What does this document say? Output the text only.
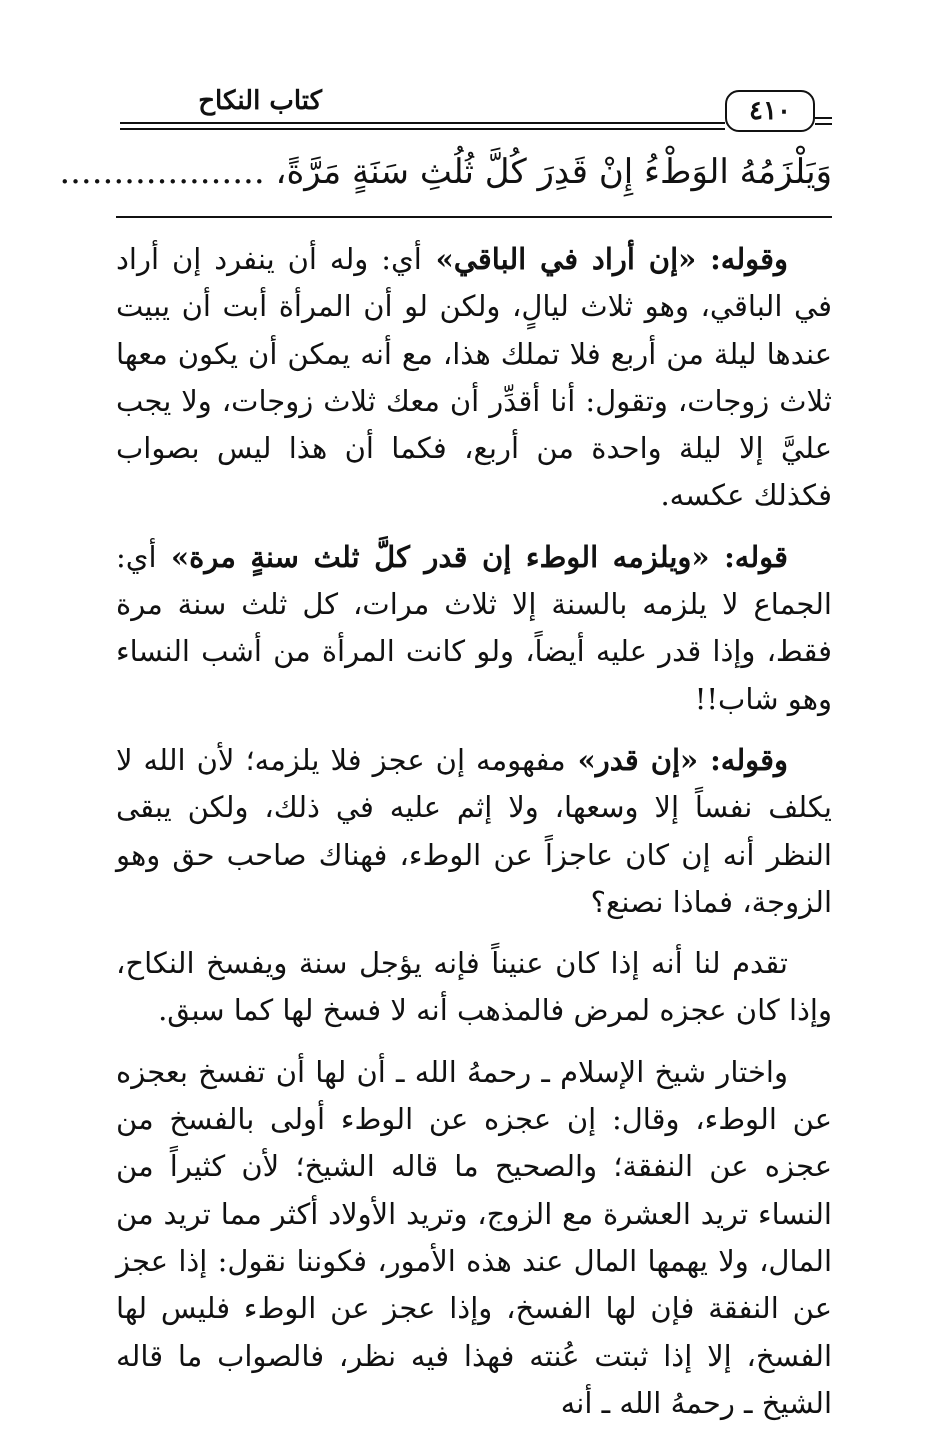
٤١٠
كتاب النكاح
وَيَلْزَمُهُ الوَطْءُ إِنْ قَدِرَ كُلَّ ثُلُثِ سَنَةٍ مَرَّةً، ...................

وقوله: «إن أراد في الباقي» أي: وله أن ينفرد إن أراد في الباقي، وهو ثلاث ليالٍ، ولكن لو أن المرأة أبت أن يبيت عندها ليلة من أربع فلا تملك هذا، مع أنه يمكن أن يكون معها ثلاث زوجات، وتقول: أنا أقدِّر أن معك ثلاث زوجات، ولا يجب عليَّ إلا ليلة واحدة من أربع، فكما أن هذا ليس بصواب فكذلك عكسه.

قوله: «ويلزمه الوطء إن قدر كلَّ ثلث سنةٍ مرة» أي: الجماع لا يلزمه بالسنة إلا ثلاث مرات، كل ثلث سنة مرة فقط، وإذا قدر عليه أيضاً، ولو كانت المرأة من أشب النساء وهو شاب!!

وقوله: «إن قدر» مفهومه إن عجز فلا يلزمه؛ لأن الله لا يكلف نفساً إلا وسعها، ولا إثم عليه في ذلك، ولكن يبقى النظر أنه إن كان عاجزاً عن الوطء، فهناك صاحب حق وهو الزوجة، فماذا نصنع؟

تقدم لنا أنه إذا كان عنيناً فإنه يؤجل سنة ويفسخ النكاح، وإذا كان عجزه لمرض فالمذهب أنه لا فسخ لها كما سبق.

واختار شيخ الإسلام ـ رحمهُ الله ـ أن لها أن تفسخ بعجزه عن الوطء، وقال: إن عجزه عن الوطء أولى بالفسخ من عجزه عن النفقة؛ والصحيح ما قاله الشيخ؛ لأن كثيراً من النساء تريد العشرة مع الزوج، وتريد الأولاد أكثر مما تريد من المال، ولا يهمها المال عند هذه الأمور، فكوننا نقول: إذا عجز عن النفقة فإن لها الفسخ، وإذا عجز عن الوطء فليس لها الفسخ، إلا إذا ثبتت عُنته فهذا فيه نظر، فالصواب ما قاله الشيخ ـ رحمهُ الله ـ أنه
